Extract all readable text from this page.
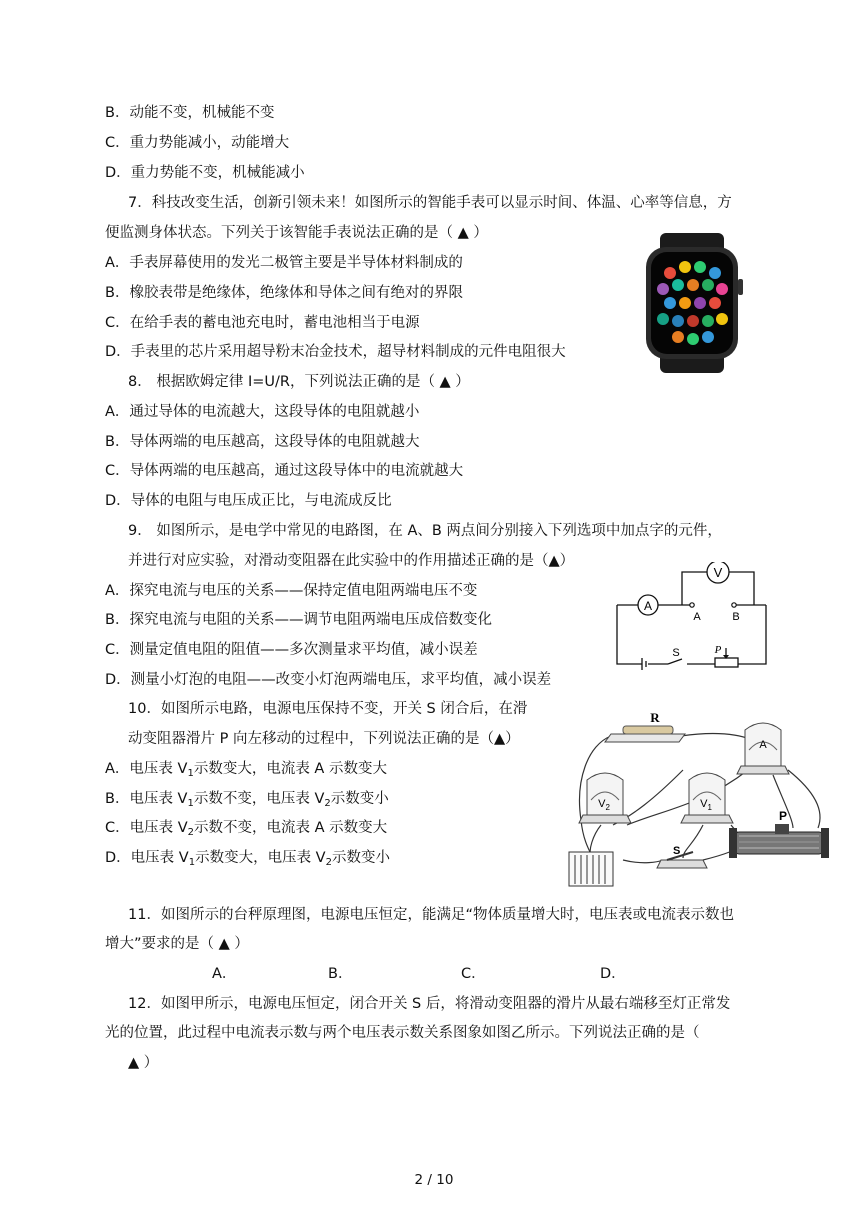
B．动能不变，机械能不变
C．重力势能减小，动能增大
D．重力势能不变，机械能减小
7．科技改变生活，创新引领未来！如图所示的智能手表可以显示时间、体温、心率等信息，方
便监测身体状态。下列关于该智能手表说法正确的是（ ▲ ）
A．手表屏幕使用的发光二极管主要是半导体材料制成的
B．橡胶表带是绝缘体，绝缘体和导体之间有绝对的界限
C．在给手表的蓄电池充电时，蓄电池相当于电源
D．手表里的芯片采用超导粉末冶金技术，超导材料制成的元件电阻很大
8． 根据欧姆定律 I=U/R，下列说法正确的是（ ▲ ）
A．通过导体的电流越大，这段导体的电阻就越小
B．导体两端的电压越高，这段导体的电阻就越大
C．导体两端的电压越高，通过这段导体中的电流就越大
D．导体的电阻与电压成正比，与电流成反比
9． 如图所示，是电学中常见的电路图，在 A、B 两点间分别接入下列选项中加点字的元件，
并进行对应实验，对滑动变阻器在此实验中的作用描述正确的是（▲）
A．探究电流与电压的关系——保持定值电阻两端电压不变
B．探究电流与电阻的关系——调节电阻两端电压成倍数变化
C．测量定值电阻的阻值——多次测量求平均值，减小误差
D．测量小灯泡的电阻——改变小灯泡两端电压，求平均值，减小误差
10．如图所示电路，电源电压保持不变，开关 S 闭合后，在滑
动变阻器滑片 P 向左移动的过程中，下列说法正确的是（▲）
A．电压表 $V_1$示数变大，电流表 A 示数变大
B．电压表 $V_1$示数不变，电压表 $V_2$示数变小
C．电压表 $V_2$示数不变，电流表 A 示数变大
D．电压表 $V_1$示数变大，电压表 $V_2$示数变小
11．如图所示的台秤原理图，电源电压恒定，能满足“物体质量增大时，电压表或电流表示数也
增大”要求的是（ ▲ ）
A．	B．	C．	D．
12．如图甲所示，电源电压恒定，闭合开关 S 后，将滑动变阻器的滑片从最右端移至灯正常发
光的位置，此过程中电流表示数与两个电压表示数关系图象如图乙所示。下列说法正确的是（
▲ ）
2 / 10
V
A
A	B
S	P
R
A
$V_2$	$V_1$
S
P
